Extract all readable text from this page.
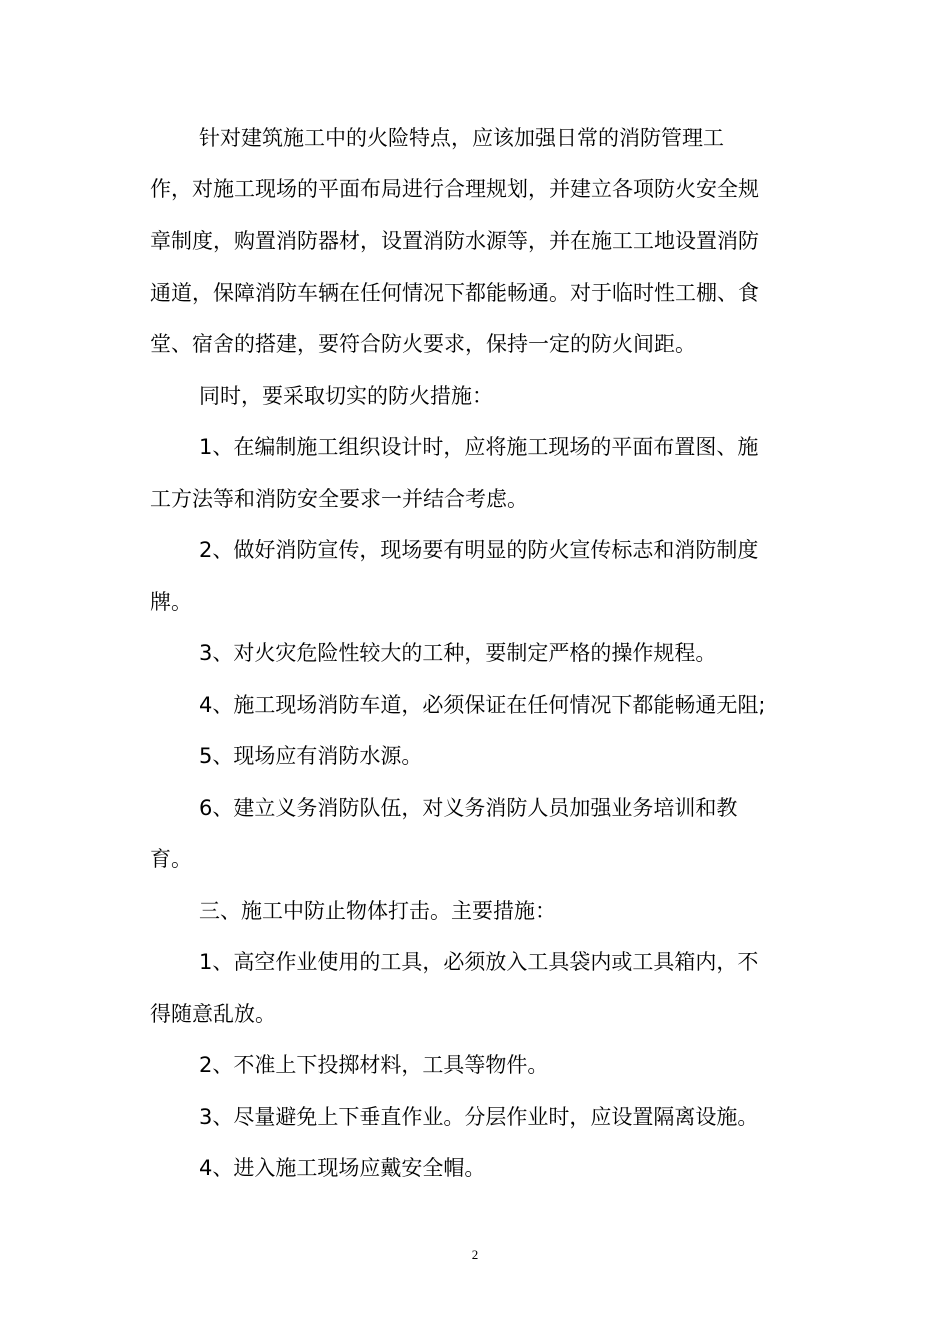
针对建筑施工中的火险特点，应该加强日常的消防管理工
作，对施工现场的平面布局进行合理规划，并建立各项防火安全规
章制度，购置消防器材，设置消防水源等，并在施工工地设置消防
通道，保障消防车辆在任何情况下都能畅通。对于临时性工棚、食
堂、宿舍的搭建，要符合防火要求，保持一定的防火间距。
同时，要采取切实的防火措施：
1、在编制施工组织设计时，应将施工现场的平面布置图、施
工方法等和消防安全要求一并结合考虑。
2、做好消防宣传，现场要有明显的防火宣传标志和消防制度
牌。
3、对火灾危险性较大的工种，要制定严格的操作规程。
4、施工现场消防车道，必须保证在任何情况下都能畅通无阻;
5、现场应有消防水源。
6、建立义务消防队伍，对义务消防人员加强业务培训和教
育。
三、施工中防止物体打击。主要措施：
1、高空作业使用的工具，必须放入工具袋内或工具箱内，不
得随意乱放。
2、不准上下投掷材料，工具等物件。
3、尽量避免上下垂直作业。分层作业时，应设置隔离设施。
4、进入施工现场应戴安全帽。
2
